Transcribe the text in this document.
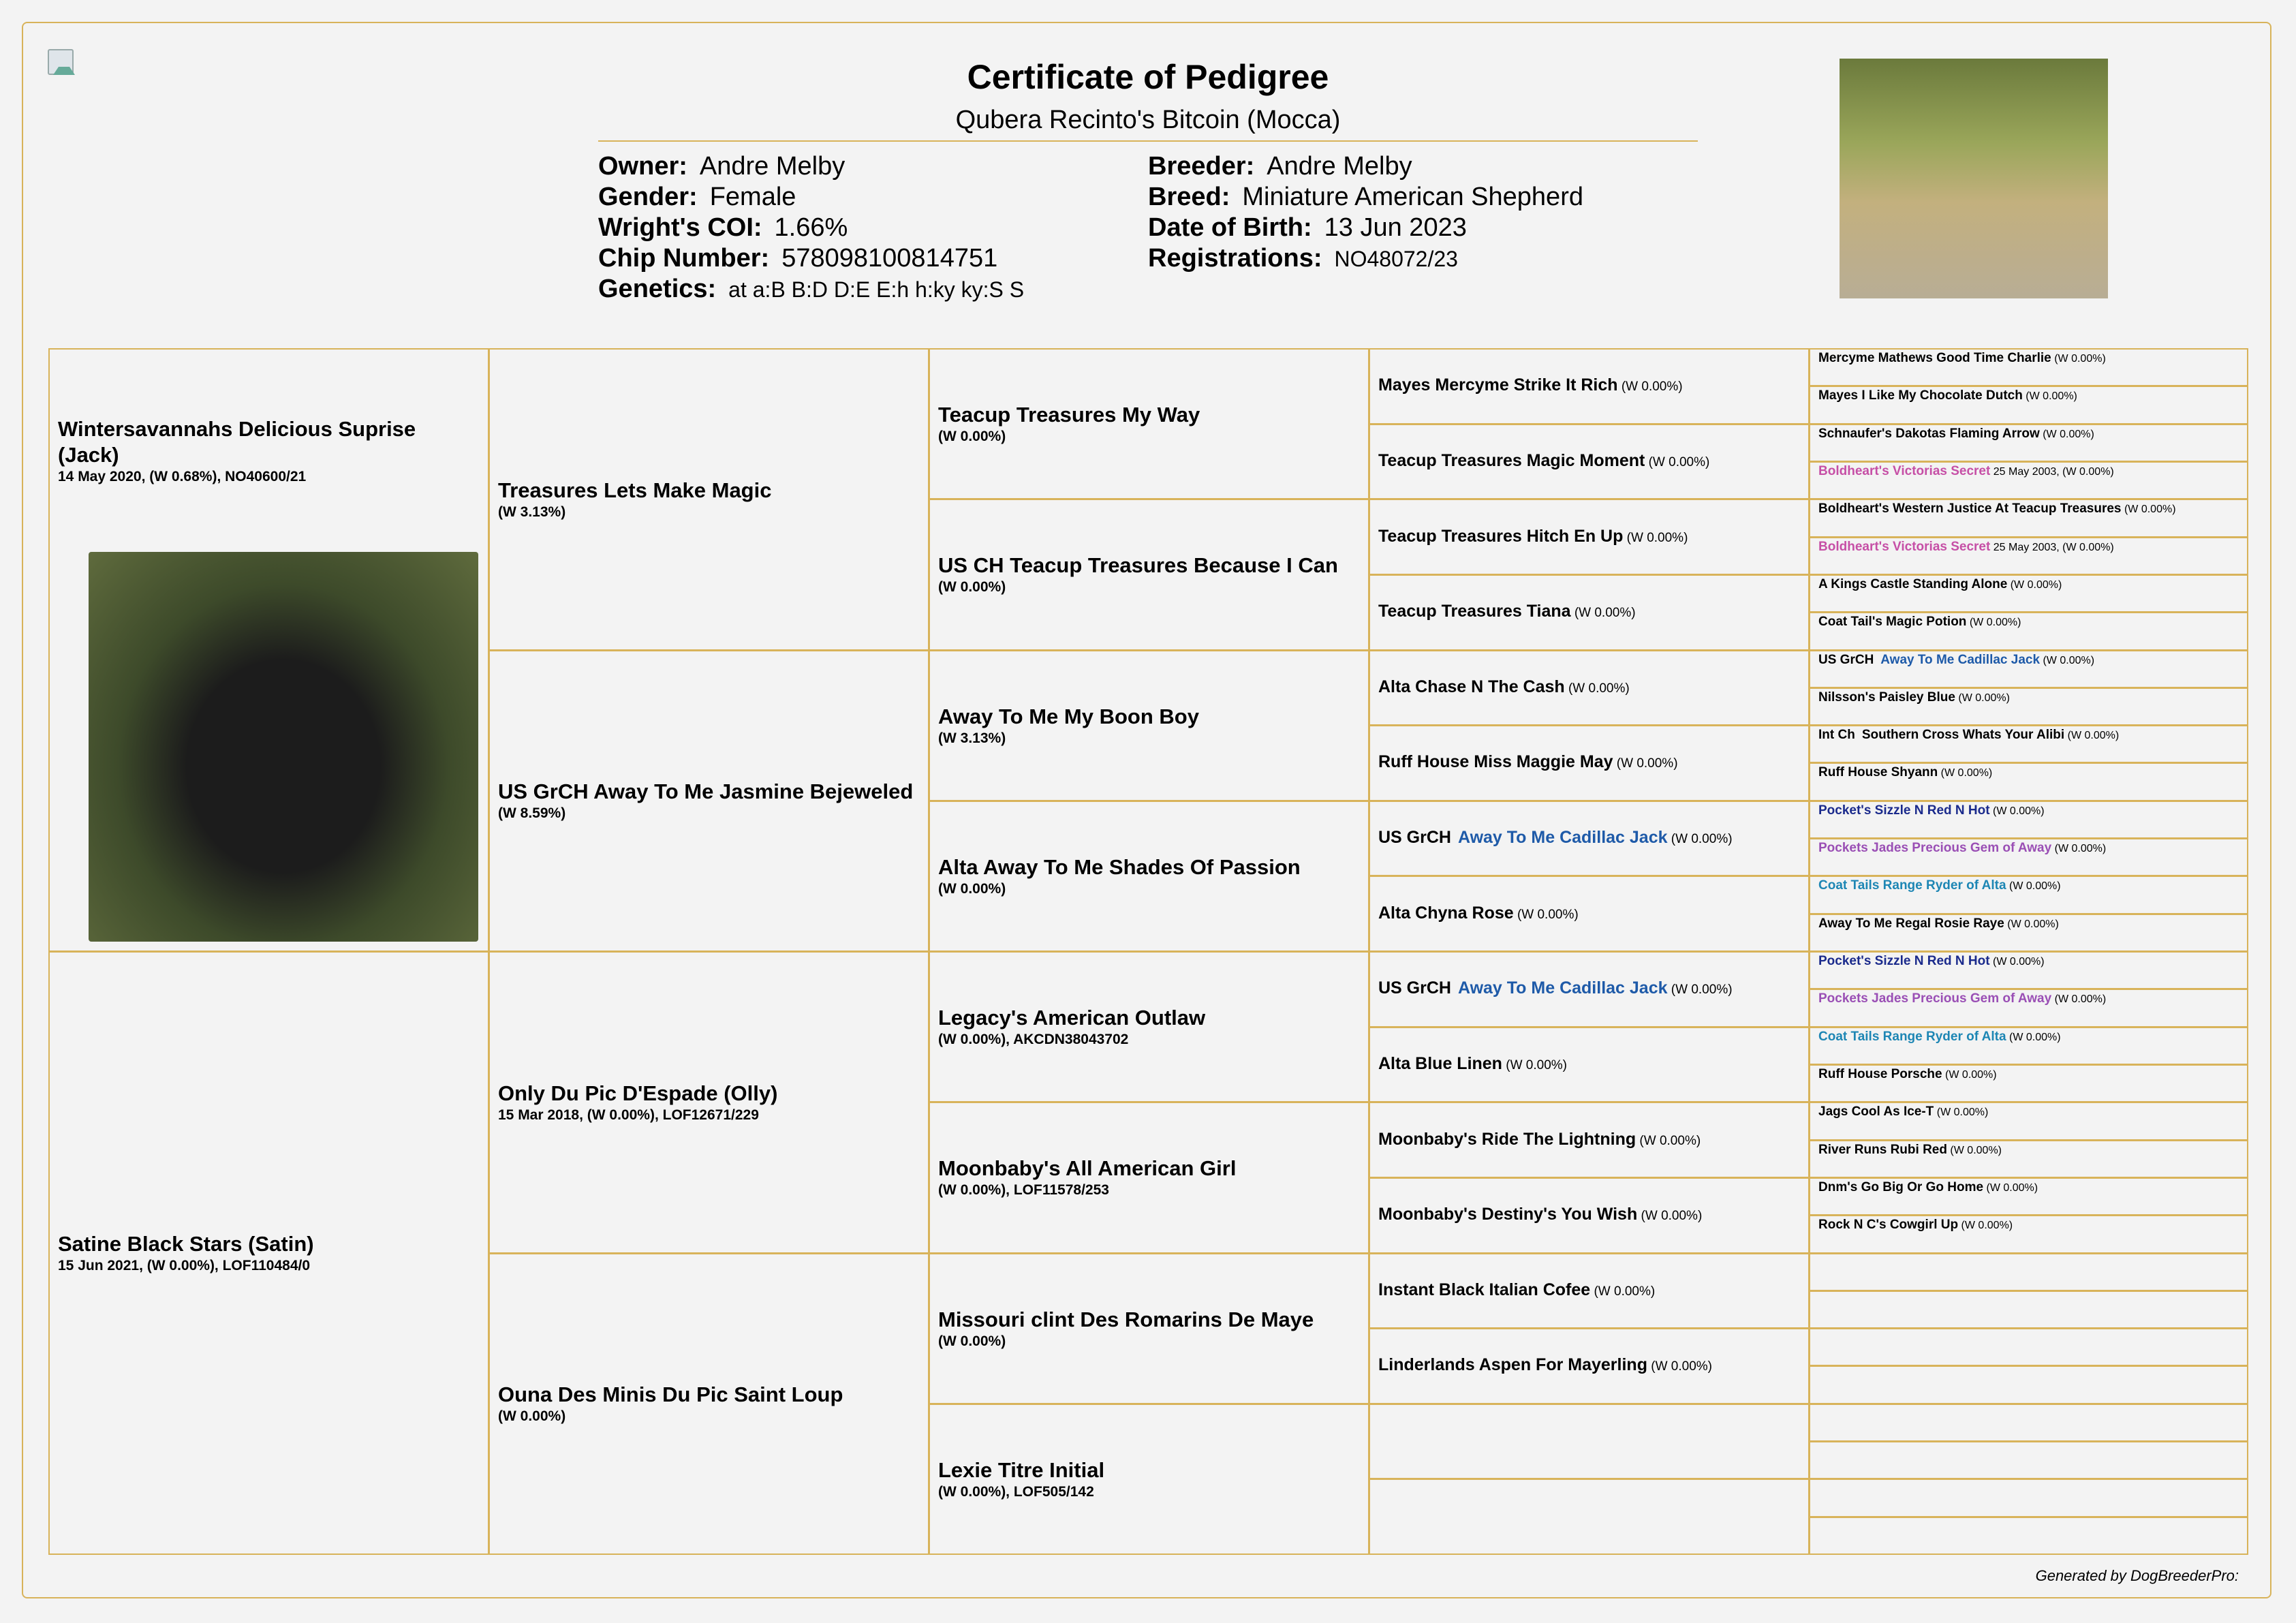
Certificate of Pedigree
Qubera Recinto's Bitcoin (Mocca)
Wintersavannahs Delicious Suprise (Jack)
14 May 2020, (W 0.68%), NO40600/21
Satine Black Stars (Satin)
15 Jun 2021, (W 0.00%), LOF110484/0
Treasures Lets Make Magic
(W 3.13%)
US GrCH Away To Me Jasmine Bejeweled
(W 8.59%)
Only Du Pic D'Espade (Olly)
15 Mar 2018, (W 0.00%), LOF12671/229
Ouna Des Minis Du Pic Saint Loup
(W 0.00%)
Teacup Treasures My Way
(W 0.00%)
US CH Teacup Treasures Because I Can
(W 0.00%)
Away To Me My Boon Boy
(W 3.13%)
Alta Away To Me Shades Of Passion
(W 0.00%)
Legacy's American Outlaw
(W 0.00%), AKCDN38043702
Moonbaby's All American Girl
(W 0.00%), LOF11578/253
Missouri clint Des Romarins De Maye
(W 0.00%)
Lexie Titre Initial
(W 0.00%), LOF505/142
Mayes Mercyme Strike It Rich (W 0.00%)
Teacup Treasures Magic Moment (W 0.00%)
Teacup Treasures Hitch En Up (W 0.00%)
Teacup Treasures Tiana (W 0.00%)
Alta Chase N The Cash (W 0.00%)
Ruff House Miss Maggie May (W 0.00%)
US GrCH Away To Me Cadillac Jack (W 0.00%)
Alta Chyna Rose (W 0.00%)
US GrCH Away To Me Cadillac Jack (W 0.00%)
Alta Blue Linen (W 0.00%)
Moonbaby's Ride The Lightning (W 0.00%)
Moonbaby's Destiny's You Wish (W 0.00%)
Instant Black Italian Cofee (W 0.00%)
Linderlands Aspen For Mayerling (W 0.00%)
Mercyme Mathews Good Time Charlie (W 0.00%)
Mayes I Like My Chocolate Dutch (W 0.00%)
Schnaufer's Dakotas Flaming Arrow (W 0.00%)
Boldheart's Victorias Secret 25 May 2003, (W 0.00%)
Boldheart's Western Justice At Teacup Treasures (W 0.00%)
Boldheart's Victorias Secret 25 May 2003, (W 0.00%)
A Kings Castle Standing Alone (W 0.00%)
Coat Tail's Magic Potion (W 0.00%)
US GrCH Away To Me Cadillac Jack (W 0.00%)
Nilsson's Paisley Blue (W 0.00%)
Int Ch Southern Cross Whats Your Alibi (W 0.00%)
Ruff House Shyann (W 0.00%)
Pocket's Sizzle N Red N Hot (W 0.00%)
Pockets Jades Precious Gem of Away (W 0.00%)
Coat Tails Range Ryder of Alta (W 0.00%)
Away To Me Regal Rosie Raye (W 0.00%)
Pocket's Sizzle N Red N Hot (W 0.00%)
Pockets Jades Precious Gem of Away (W 0.00%)
Coat Tails Range Ryder of Alta (W 0.00%)
Ruff House Porsche (W 0.00%)
Jags Cool As Ice-T (W 0.00%)
River Runs Rubi Red (W 0.00%)
Dnm's Go Big Or Go Home (W 0.00%)
Rock N C's Cowgirl Up (W 0.00%)
Generated by DogBreederPro:
Owner: Andre Melby
Gender: Female
Wright's COI: 1.66%
Chip Number: 578098100814751
Genetics: at a:B B:D D:E E:h h:ky ky:S S
Breeder: Andre Melby
Breed: Miniature American Shepherd
Date of Birth: 13 Jun 2023
Registrations: NO48072/23
